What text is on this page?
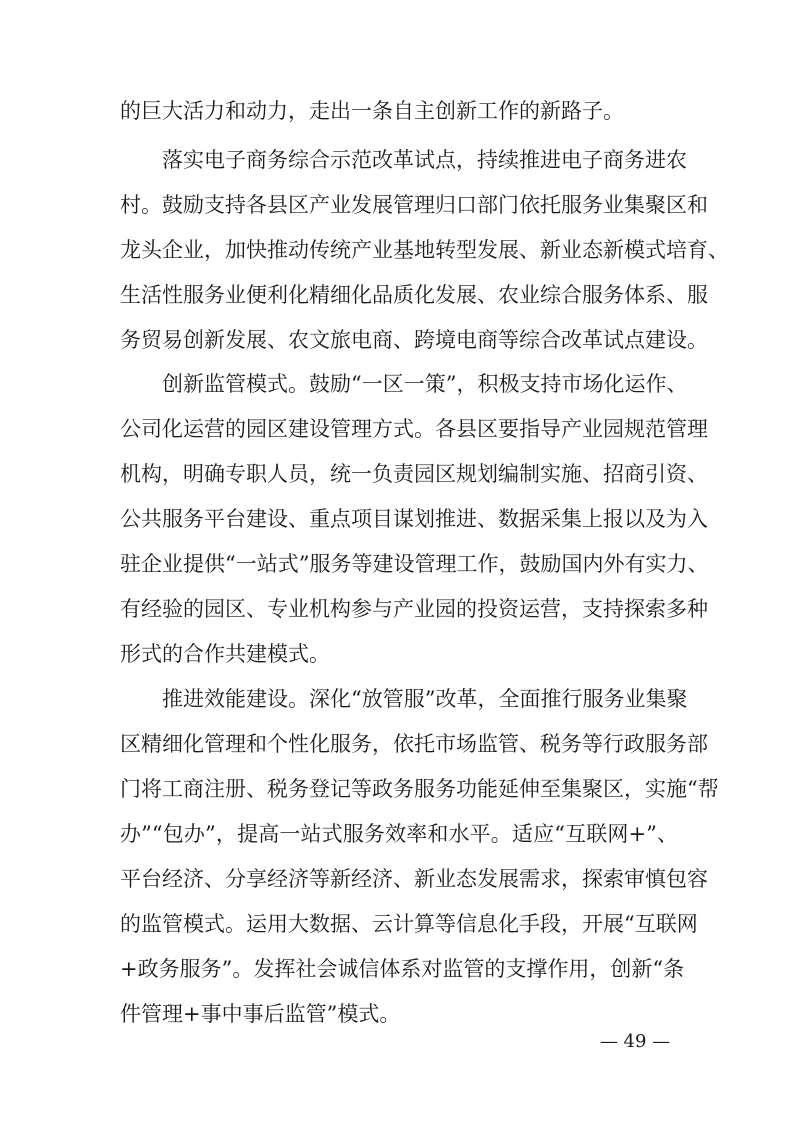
的巨大活力和动力，走出一条自主创新工作的新路子。
落实电子商务综合示范改革试点，持续推进电子商务进农
村。鼓励支持各县区产业发展管理归口部门依托服务业集聚区和
龙头企业，加快推动传统产业基地转型发展、新业态新模式培育、
生活性服务业便利化精细化品质化发展、农业综合服务体系、服
务贸易创新发展、农文旅电商、跨境电商等综合改革试点建设。
创新监管模式。鼓励“一区一策”，积极支持市场化运作、
公司化运营的园区建设管理方式。各县区要指导产业园规范管理
机构，明确专职人员，统一负责园区规划编制实施、招商引资、
公共服务平台建设、重点项目谋划推进、数据采集上报以及为入
驻企业提供“一站式”服务等建设管理工作，鼓励国内外有实力、
有经验的园区、专业机构参与产业园的投资运营，支持探索多种
形式的合作共建模式。
推进效能建设。深化“放管服”改革，全面推行服务业集聚
区精细化管理和个性化服务，依托市场监管、税务等行政服务部
门将工商注册、税务登记等政务服务功能延伸至集聚区，实施“帮
办”“包办”，提高一站式服务效率和水平。适应“互联网+”、
平台经济、分享经济等新经济、新业态发展需求，探索审慎包容
的监管模式。运用大数据、云计算等信息化手段，开展“互联网
+政务服务”。发挥社会诚信体系对监管的支撑作用，创新“条
件管理+事中事后监管”模式。
— 49 —
